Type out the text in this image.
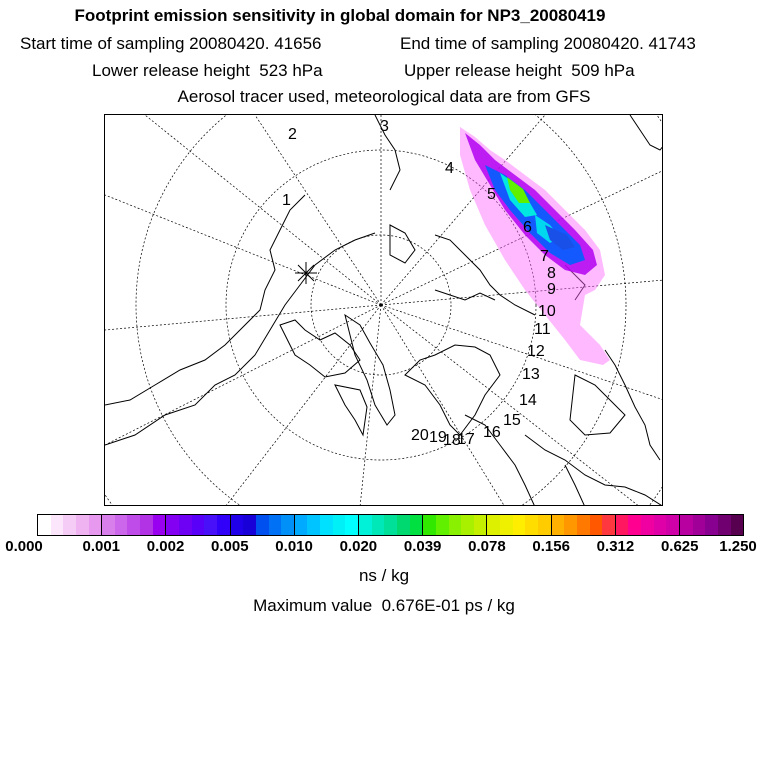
Footprint emission sensitivity in global domain for NP3_20080419
Start time of sampling 20080420. 41656	End time of sampling 20080420. 41743
Lower release height  523 hPa	Upper release height  509 hPa
Aerosol tracer used, meteorological data are from GFS
1
2	3
4
5
6
7
8
9
10
11
12
13
14
15
16
17
18
19
20
0.000	0.001 0.002 0.005 0.010 0.020 0.039 0.078 0.156 0.312 0.625 1.250
ns / kg
Maximum value  0.676E-01 ps / kg
